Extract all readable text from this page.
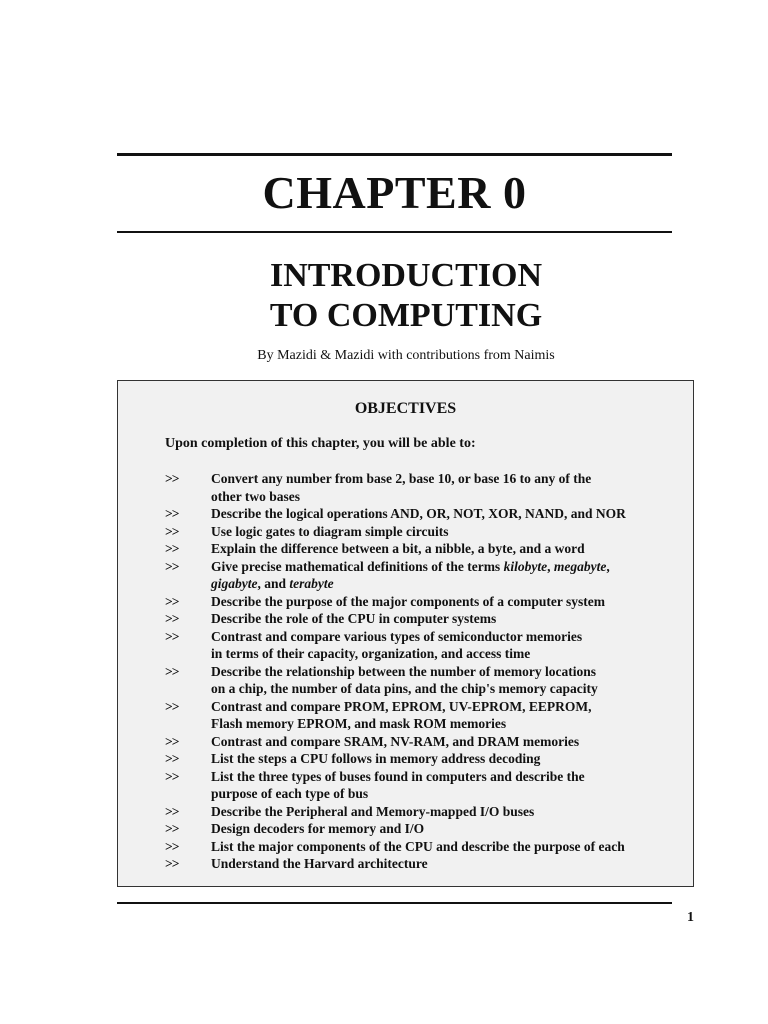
CHAPTER 0
INTRODUCTION
TO COMPUTING
By Mazidi & Mazidi with contributions from Naimis
OBJECTIVES
Upon completion of this chapter, you will be able to:
>> Convert any number from base 2, base 10, or base 16 to any of the
other two bases
>> Describe the logical operations AND, OR, NOT, XOR, NAND, and NOR
>> Use logic gates to diagram simple circuits
>> Explain the difference between a bit, a nibble, a byte, and a word
>> Give precise mathematical definitions of the terms kilobyte, megabyte,
gigabyte, and terabyte
>> Describe the purpose of the major components of a computer system
>> Describe the role of the CPU in computer systems
>> Contrast and compare various types of semiconductor memories
in terms of their capacity, organization, and access time
>> Describe the relationship between the number of memory locations
on a chip, the number of data pins, and the chip's memory capacity
>> Contrast and compare PROM, EPROM, UV-EPROM, EEPROM,
Flash memory EPROM, and mask ROM memories
>> Contrast and compare SRAM, NV-RAM, and DRAM memories
>> List the steps a CPU follows in memory address decoding
>> List the three types of buses found in computers and describe the
purpose of each type of bus
>> Describe the Peripheral and Memory-mapped I/O buses
>> Design decoders for memory and I/O
>> List the major components of the CPU and describe the purpose of each
>> Understand the Harvard architecture
1
